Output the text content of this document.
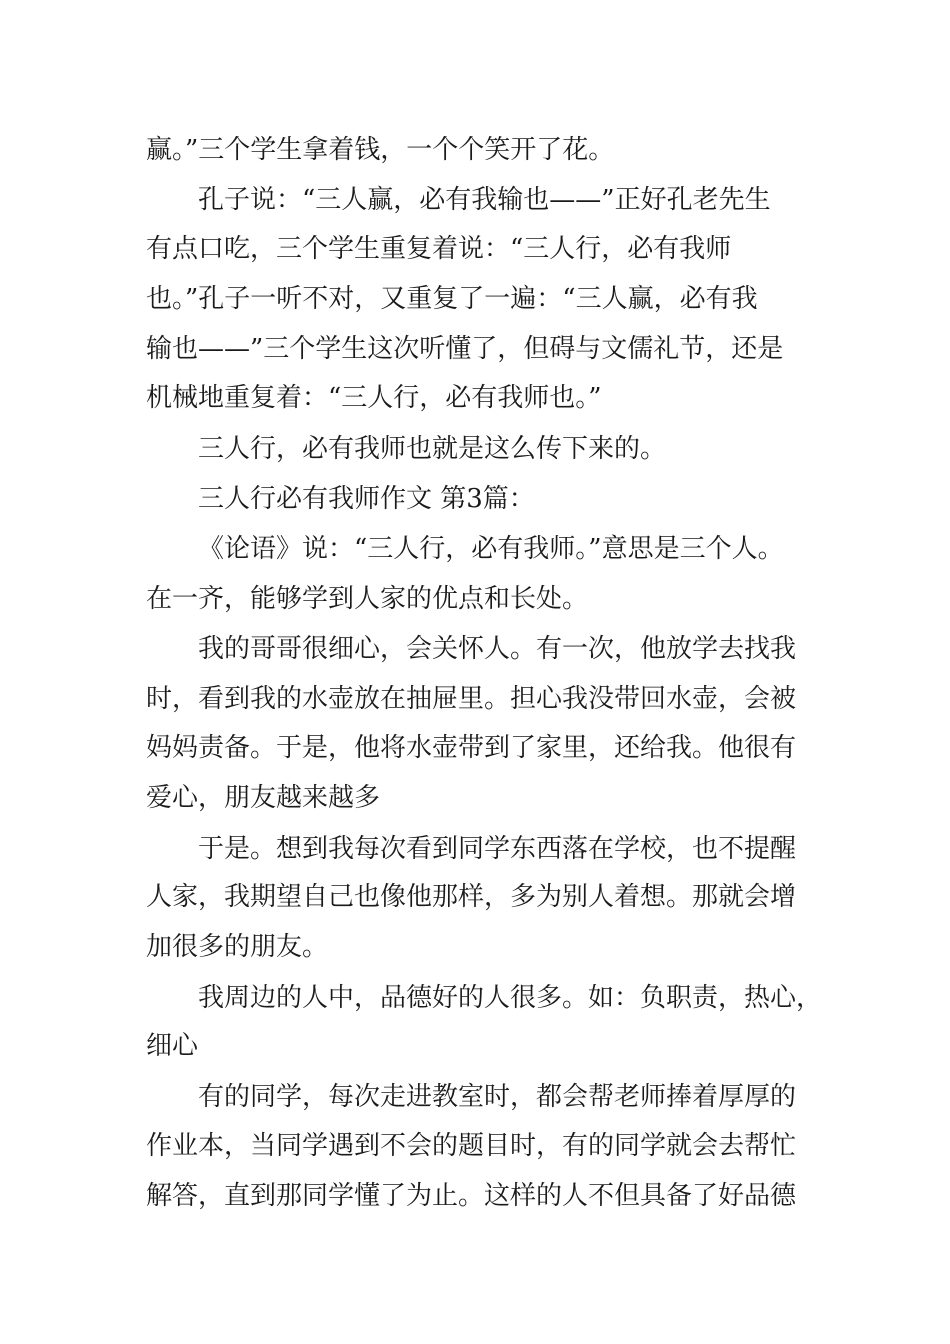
赢。”三个学生拿着钱，一个个笑开了花。
孔子说：“三人赢，必有我输也——”正好孔老先生
有点口吃，三个学生重复着说：“三人行，必有我师
也。”孔子一听不对，又重复了一遍：“三人赢，必有我
输也——”三个学生这次听懂了，但碍与文儒礼节，还是
机械地重复着：“三人行，必有我师也。”
三人行，必有我师也就是这么传下来的。
三人行必有我师作文 第3篇：
《论语》说：“三人行，必有我师。”意思是三个人。
在一齐，能够学到人家的优点和长处。
我的哥哥很细心，会关怀人。有一次，他放学去找我
时，看到我的水壶放在抽屉里。担心我没带回水壶，会被
妈妈责备。于是，他将水壶带到了家里，还给我。他很有
爱心，朋友越来越多
于是。想到我每次看到同学东西落在学校，也不提醒
人家，我期望自己也像他那样，多为别人着想。那就会增
加很多的朋友。
我周边的人中，品德好的人很多。如：负职责，热心，
细心
有的同学，每次走进教室时，都会帮老师捧着厚厚的
作业本，当同学遇到不会的题目时，有的同学就会去帮忙
解答，直到那同学懂了为止。这样的人不但具备了好品德
